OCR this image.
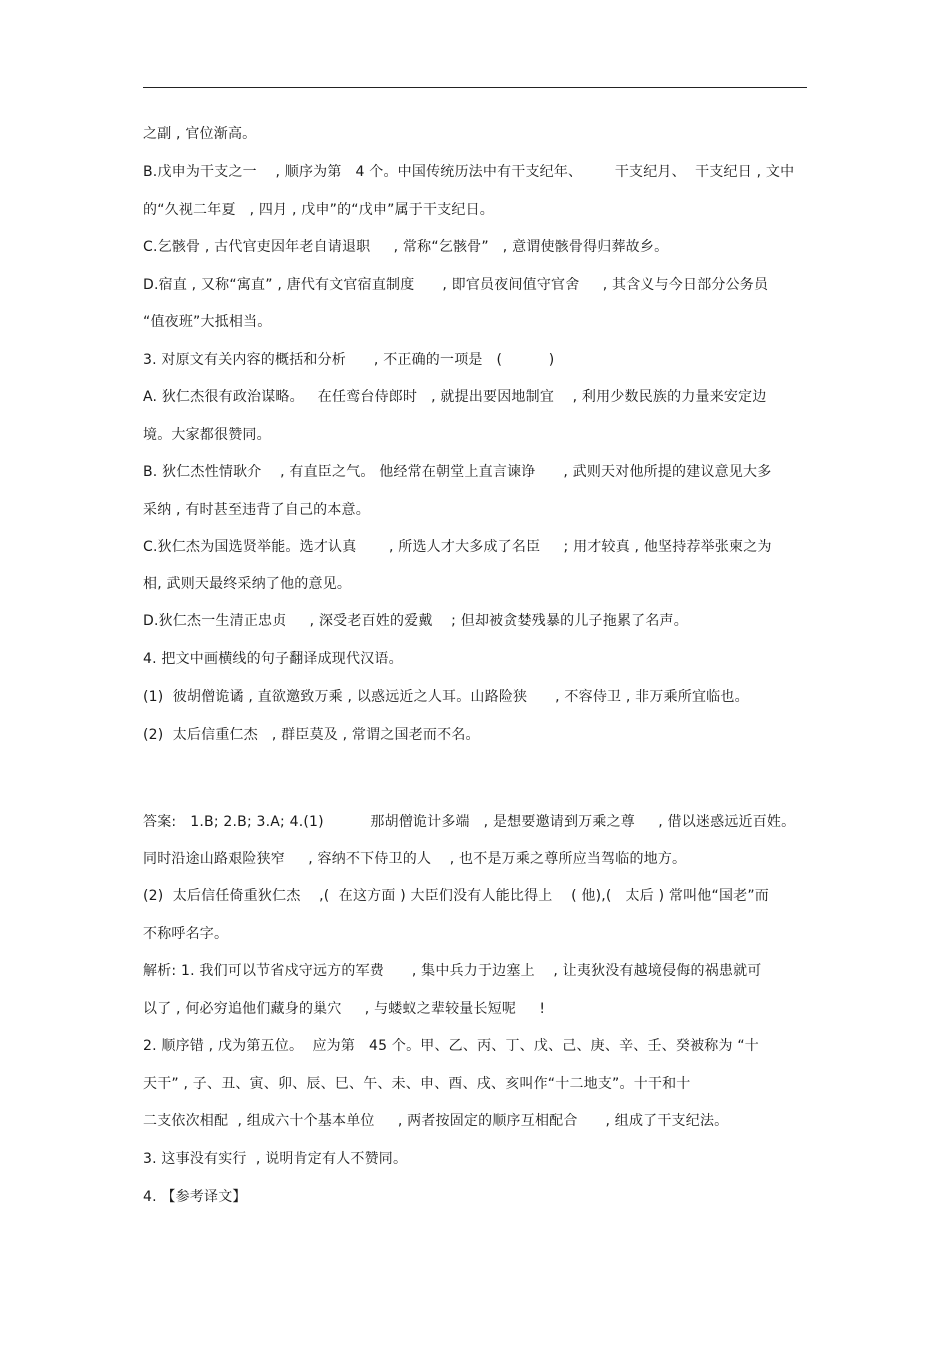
之副 , 官位渐高。
B.戊申为干支之一    , 顺序为第   4 个。中国传统历法中有干支纪年、       干支纪月、  干支纪日 , 文中
的“久视二年夏   , 四月 , 戊申”的“戊申”属于干支纪日。
C.乞骸骨 , 古代官吏因年老自请退职     , 常称“乞骸骨”   , 意谓使骸骨得归葬故乡。
D.宿直 , 又称“寓直” , 唐代有文官宿直制度      , 即官员夜间值守官舍     , 其含义与今日部分公务员
“值夜班”大抵相当。
3. 对原文有关内容的概括和分析      , 不正确的一项是   (          )
A. 狄仁杰很有政治谋略。   在任鸾台侍郎时   , 就提出要因地制宜    , 利用少数民族的力量来安定边
境。大家都很赞同。
B. 狄仁杰性情耿介    , 有直臣之气。 他经常在朝堂上直言谏诤      , 武则天对他所提的建议意见大多
采纳 , 有时甚至违背了自己的本意。
C.狄仁杰为国选贤举能。选才认真       , 所选人才大多成了名臣     ; 用才较真 , 他坚持荐举张柬之为
相, 武则天最终采纳了他的意见。
D.狄仁杰一生清正忠贞     , 深受老百姓的爱戴    ; 但却被贪婪残暴的儿子拖累了名声。
4. 把文中画横线的句子翻译成现代汉语。
(1)  彼胡僧诡谲 , 直欲邀致万乘 , 以惑远近之人耳。山路险狭      , 不容侍卫 , 非万乘所宜临也。
(2)  太后信重仁杰   , 群臣莫及 , 常谓之国老而不名。
答案:   1.B; 2.B; 3.A; 4.(1)          那胡僧诡计多端   , 是想要邀请到万乘之尊     , 借以迷惑远近百姓。
同时沿途山路艰险狭窄     , 容纳不下侍卫的人    , 也不是万乘之尊所应当驾临的地方。
(2)  太后信任倚重狄仁杰    ,(  在这方面 ) 大臣们没有人能比得上    ( 他),(   太后 ) 常叫他“国老”而
不称呼名字。
解析: 1. 我们可以节省戍守远方的军费      , 集中兵力于边塞上    , 让夷狄没有越境侵侮的祸患就可
以了 , 何必穷追他们藏身的巢穴     , 与蝼蚁之辈较量长短呢     !
2. 顺序错 , 戊为第五位。  应为第   45 个。甲、乙、丙、丁、戊、己、庚、辛、壬、癸被称为 “十
天干” , 子、丑、寅、卯、辰、巳、午、未、申、酉、戌、亥叫作“十二地支”。十干和十
二支依次相配  , 组成六十个基本单位     , 两者按固定的顺序互相配合      , 组成了干支纪法。
3. 这事没有实行  , 说明肯定有人不赞同。
4. 【参考译文】
